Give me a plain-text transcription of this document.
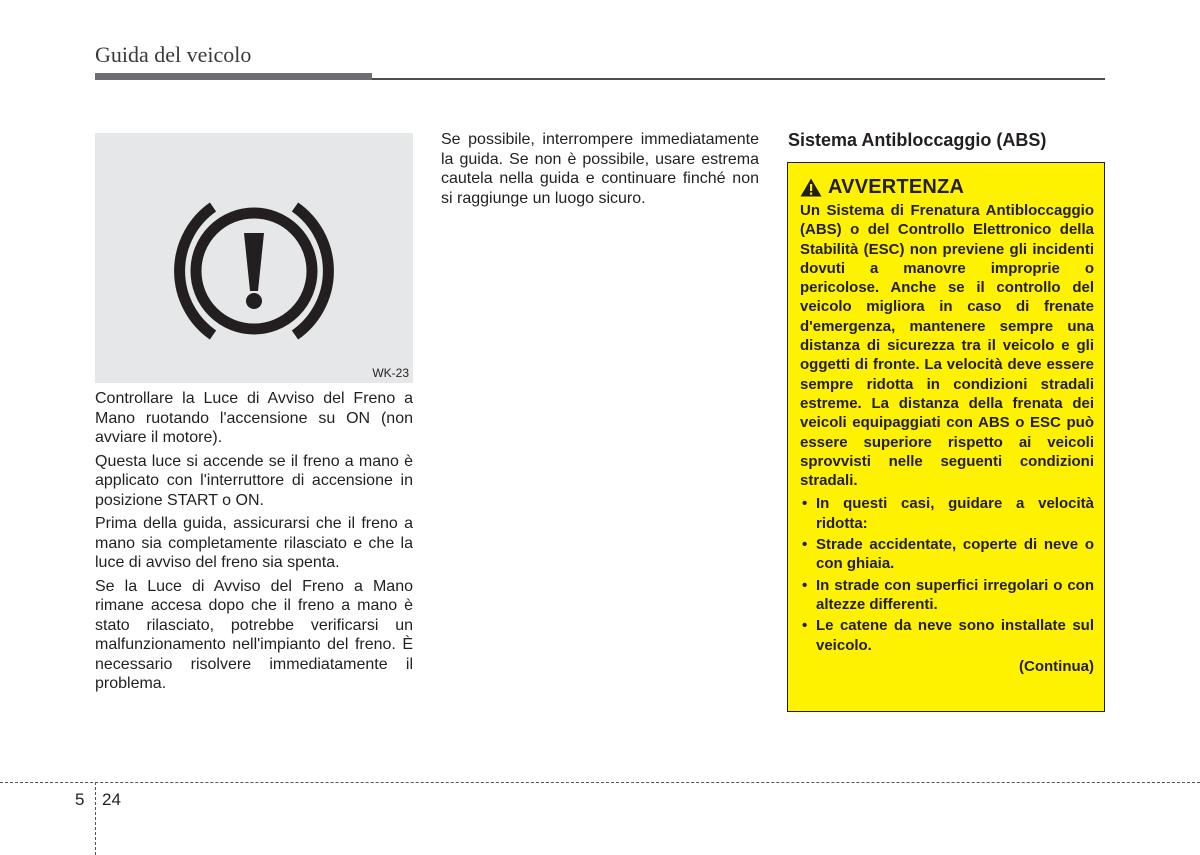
Guida del veicolo
WK-23

Controllare la Luce di Avviso del Freno a Mano ruotando l'accensione su ON (non avviare il motore).

Questa luce si accende se il freno a mano è applicato con l'interruttore di accensione in posizione START o ON.

Prima della guida, assicurarsi che il freno a mano sia completamente rilasciato e che la luce di avviso del freno sia spenta.

Se la Luce di Avviso del Freno a Mano rimane accesa dopo che il freno a mano è stato rilasciato, potrebbe verificarsi un malfunzionamento nell'impianto del freno. È necessario risolvere immediatamente il problema.

Se possibile, interrompere immediatamente la guida. Se non è possibile, usare estrema cautela nella guida e continuare finché non si raggiunge un luogo sicuro.

Sistema Antibloccaggio (ABS)
AVVERTENZA

Un Sistema di Frenatura Antibloccaggio (ABS) o del Controllo Elettronico della Stabilità (ESC) non previene gli incidenti dovuti a manovre improprie o pericolose. Anche se il controllo del veicolo migliora in caso di frenate d'emergenza, mantenere sempre una distanza di sicurezza tra il veicolo e gli oggetti di fronte. La velocità deve essere sempre ridotta in condizioni stradali estreme. La distanza della frenata dei veicoli equipaggiati con ABS o ESC può essere superiore rispetto ai veicoli sprovvisti nelle seguenti condizioni stradali.

• In questi casi, guidare a velocità ridotta:
• Strade accidentate, coperte di neve o con ghiaia.
• In strade con superfici irregolari o con altezze differenti.
• Le catene da neve sono installate sul veicolo.
(Continua)
5 24
